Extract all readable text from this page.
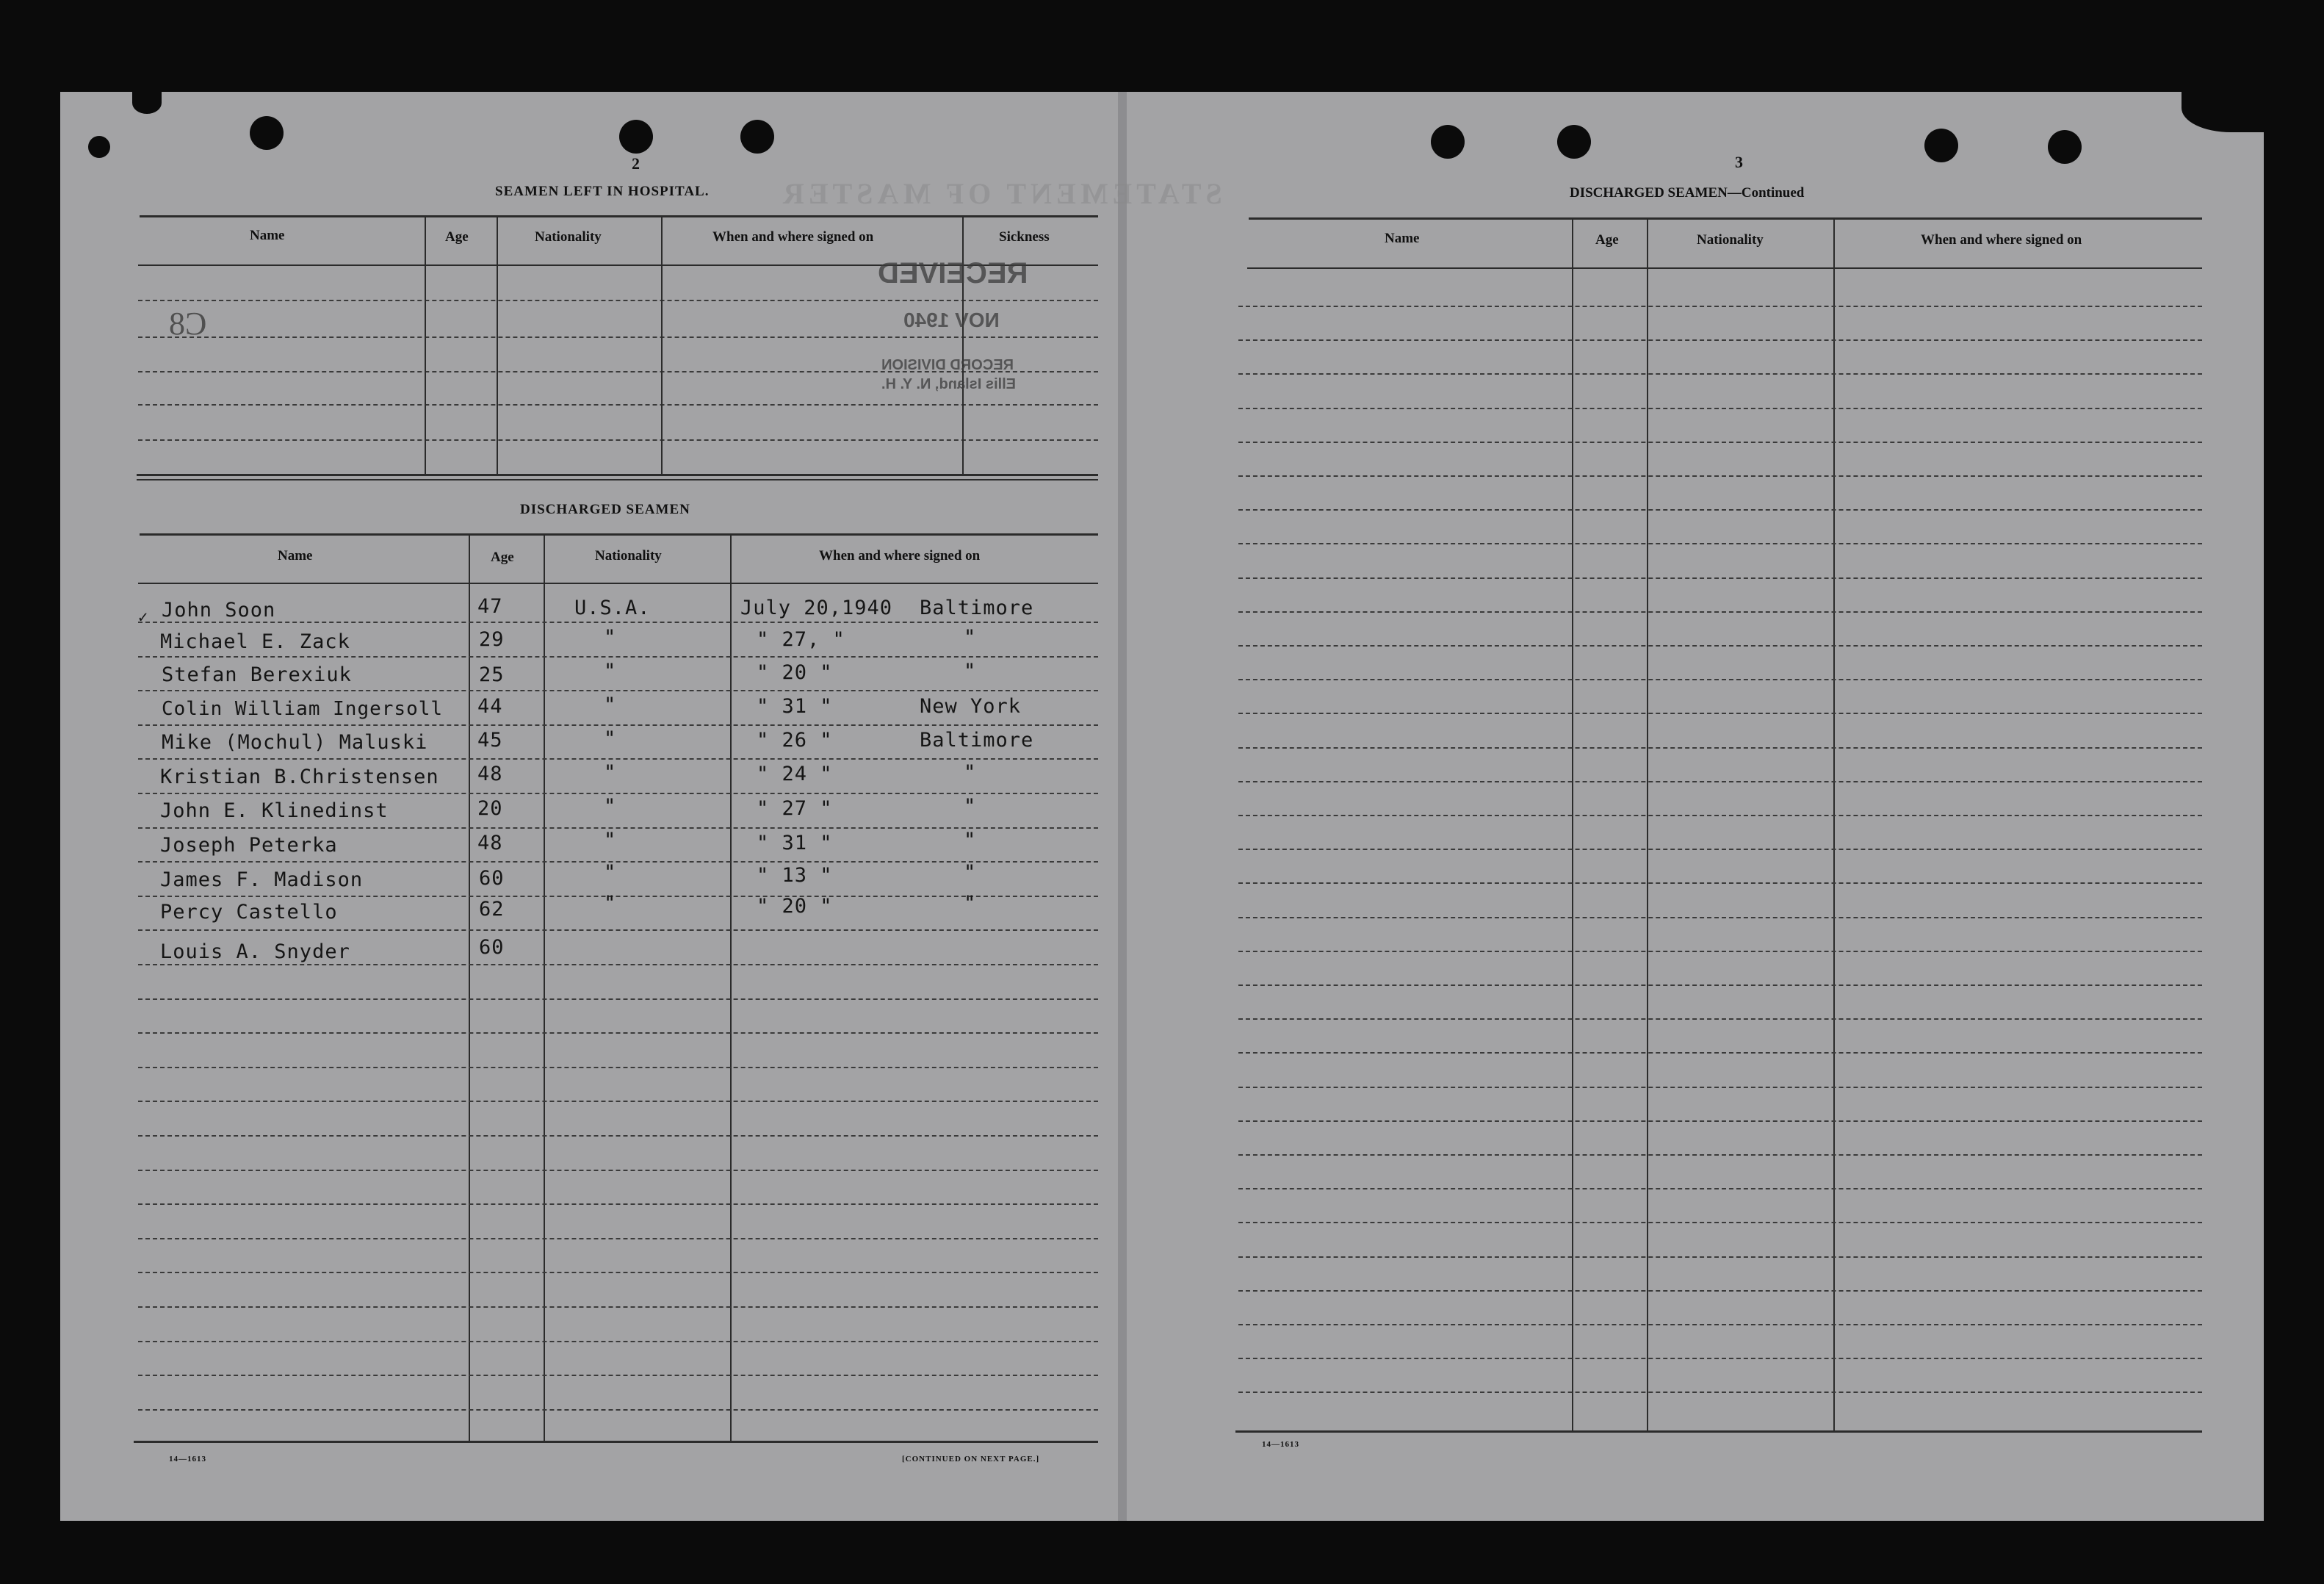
2
STATEMENT OF MASTER
SEAMEN LEFT IN HOSPITAL.
Name	Age	Nationality	When and where signed on	Sickness
C8
RECEIVED
NOV 1940
RECORD DIVISION
Ellis Island, N. Y. H.
DISCHARGED SEAMEN
Name	Age	Nationality	When and where signed on
✓ John Soon	47	U.S.A.	July 20,1940 Baltimore
Michael E. Zack	29	"	" 27, "	"
Stefan Berexiuk	25	"	" 20 "	"
Colin William Ingersoll 44	"	" 31 "	New York
Mike (Mochul) Maluski	45	"	" 26 "	Baltimore
Kristian B.Christensen 48	"	" 24 "	"
John E. Klinedinst	20	"	" 27 "	"
Joseph Peterka	48	"	" 31 "	"
James F. Madison	60	"	" 13 "	"
Percy Castello	62	"	" 20 "	"
Louis A. Snyder	60
14—1613	[CONTINUED ON NEXT PAGE.]
3
DISCHARGED SEAMEN—Continued
Name	Age	Nationality	When and where signed on
14—1613
